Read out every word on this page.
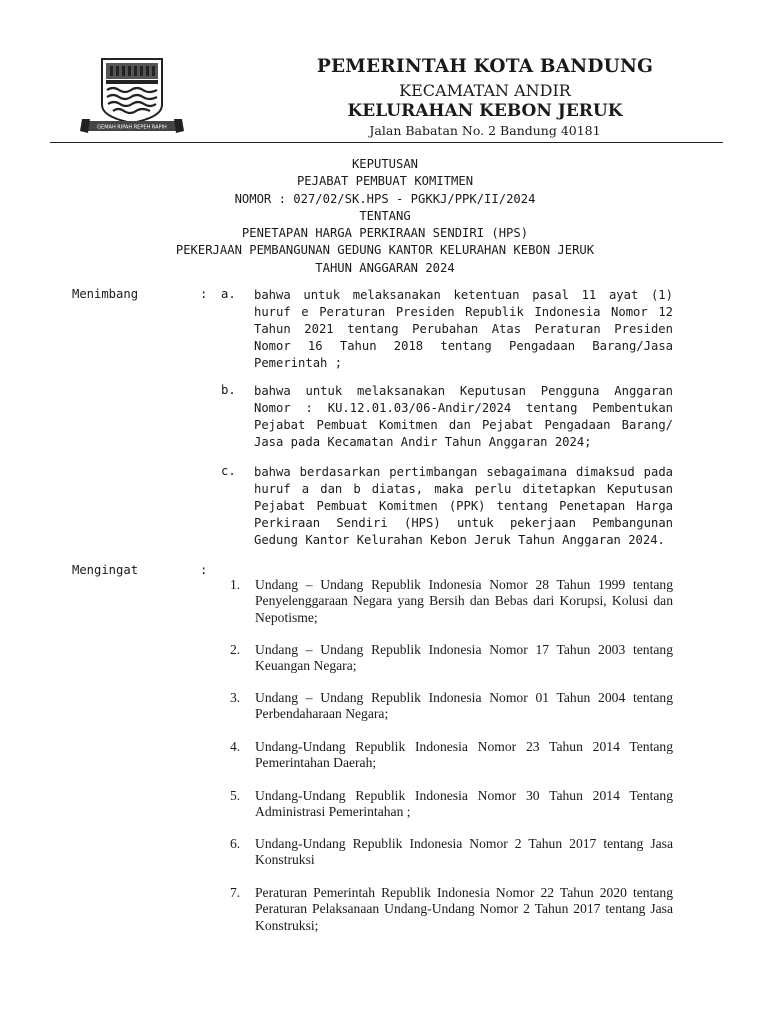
GEMAH RIPAH REPEH RAPIH
PEMERINTAH KOTA BANDUNG
KECAMATAN ANDIR
KELURAHAN KEBON JERUK
Jalan Babatan No. 2 Bandung 40181
KEPUTUSAN
PEJABAT PEMBUAT KOMITMEN
NOMOR : 027/02/SK.HPS - PGKKJ/PPK/II/2024
TENTANG
PENETAPAN HARGA PERKIRAAN SENDIRI (HPS)
PEKERJAAN PEMBANGUNAN GEDUNG KANTOR KELURAHAN KEBON JERUK
TAHUN ANGGARAN 2024
Menimbang	: a. bahwa untuk melaksanakan ketentuan pasal 11 ayat (1) huruf e Peraturan Presiden Republik Indonesia Nomor 12 Tahun 2021 tentang Perubahan Atas Peraturan Presiden Nomor 16 Tahun 2018 tentang Pengadaan Barang/Jasa Pemerintah ;
b. bahwa untuk melaksanakan Keputusan Pengguna Anggaran Nomor : KU.12.01.03/06-Andir/2024 tentang Pembentukan Pejabat Pembuat Komitmen dan Pejabat Pengadaan Barang/ Jasa pada Kecamatan Andir Tahun Anggaran 2024;
c. bahwa berdasarkan pertimbangan sebagaimana dimaksud pada huruf a dan b diatas, maka perlu ditetapkan Keputusan Pejabat Pembuat Komitmen (PPK) tentang Penetapan Harga Perkiraan Sendiri (HPS) untuk pekerjaan Pembangunan Gedung Kantor Kelurahan Kebon Jeruk Tahun Anggaran 2024.
Mengingat	:
1. Undang – Undang Republik Indonesia Nomor 28 Tahun 1999 tentang Penyelenggaraan Negara yang Bersih dan Bebas dari Korupsi, Kolusi dan Nepotisme;
2. Undang – Undang Republik Indonesia Nomor 17 Tahun 2003 tentang Keuangan Negara;
3. Undang – Undang Republik Indonesia Nomor 01 Tahun 2004 tentang Perbendaharaan Negara;
4. Undang-Undang Republik Indonesia Nomor 23 Tahun 2014 Tentang Pemerintahan Daerah;
5. Undang-Undang Republik Indonesia Nomor 30 Tahun 2014 Tentang Administrasi Pemerintahan ;
6. Undang-Undang Republik Indonesia Nomor 2 Tahun 2017 tentang Jasa Konstruksi
7. Peraturan Pemerintah Republik Indonesia Nomor 22 Tahun 2020 tentang Peraturan Pelaksanaan Undang-Undang Nomor 2 Tahun 2017 tentang Jasa Konstruksi;
